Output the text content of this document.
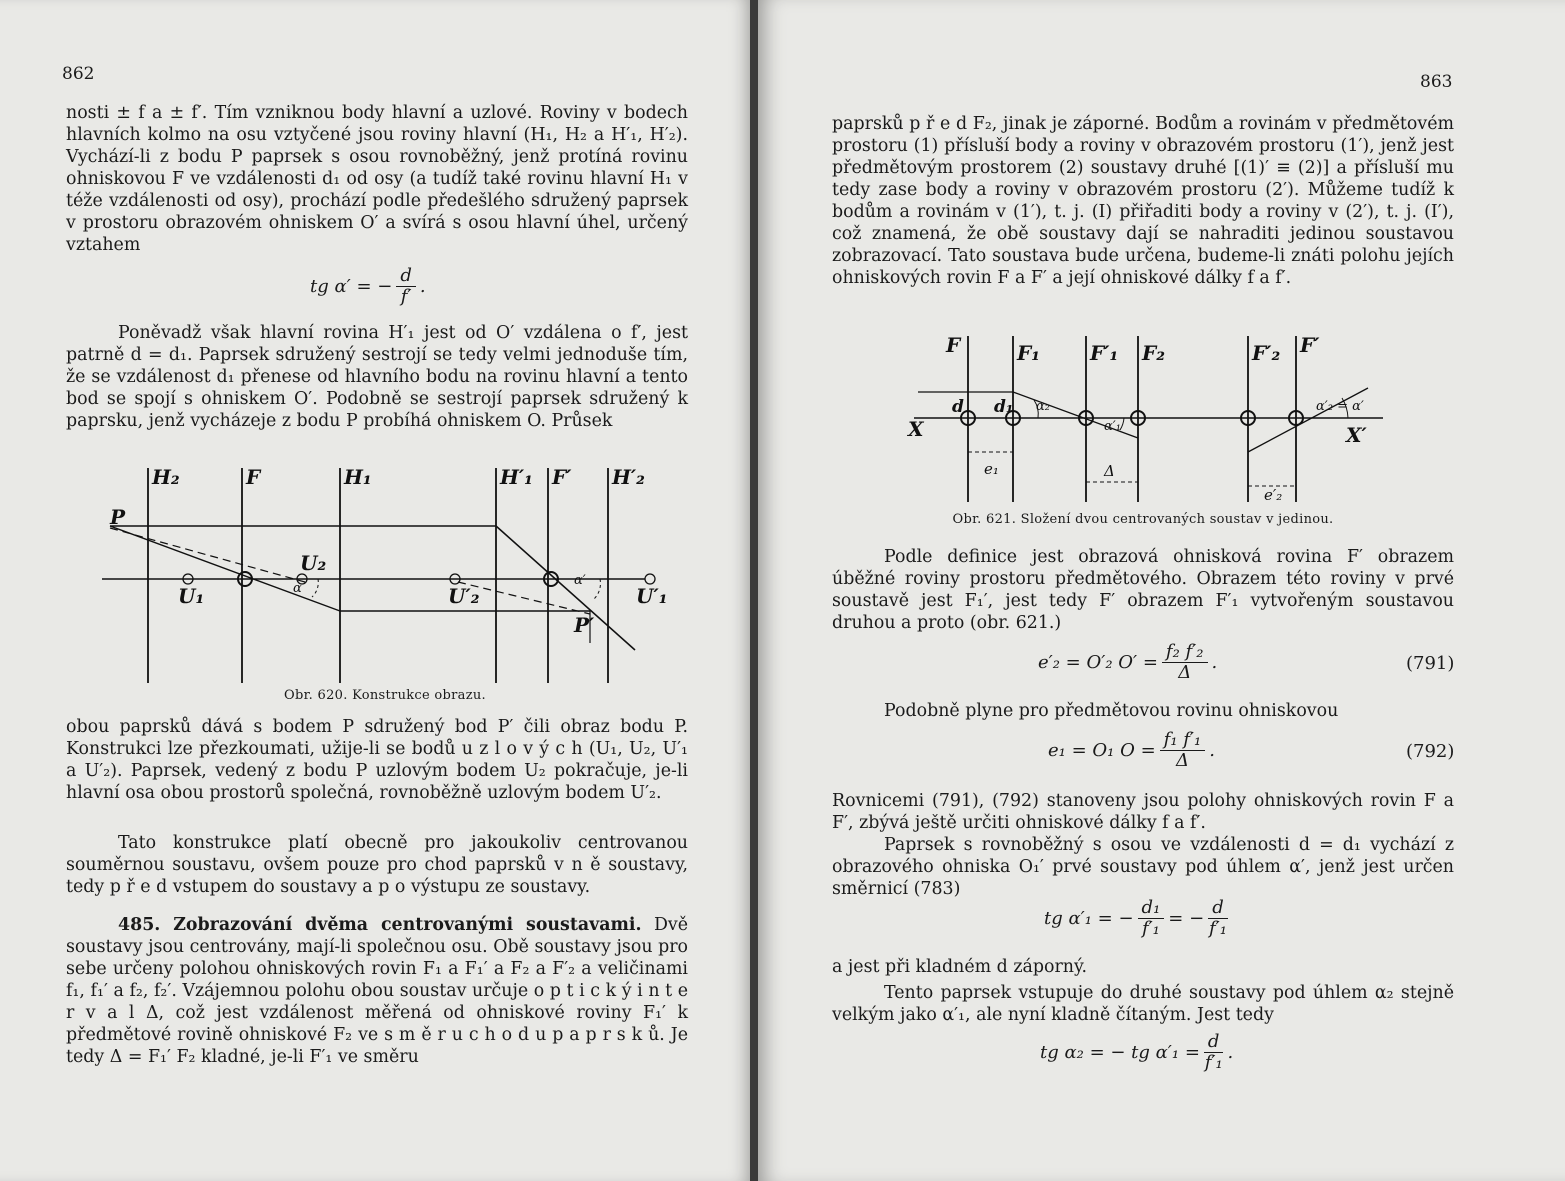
862

nosti ± f a ± f′. Tím vzniknou body hlavní a uzlové. Roviny v bodech hlavních kolmo na osu vztyčené jsou roviny hlavní (H₁, H₂ a H′₁, H′₂). Vychází-li z bodu P paprsek s osou rovnoběžný, jenž protíná rovinu ohniskovou F ve vzdálenosti d₁ od osy (a tudíž také rovinu hlavní H₁ v téže vzdálenosti od osy), prochází podle předešlého sdružený paprsek v prostoru obrazovém ohniskem O′ a svírá s osou hlavní úhel, určený vztahem

tg α′ = − $\frac{d}{f'}$ .

Poněvadž však hlavní rovina H′₁ jest od O′ vzdálena o f′, jest patrně d = d₁. Paprsek sdružený sestrojí se tedy velmi jednoduše tím, že se vzdálenost d₁ přenese od hlavního bodu na rovinu hlavní a tento bod se spojí s ohniskem O′. Podobně se sestrojí paprsek sdružený k paprsku, jenž vycházeje z bodu P probíhá ohniskem O. Průsek

H₂	F	H₁	H′₁ F′ H′₂
P
P′
U₁
U₂
U′₂	U′₁
α
α′
Obr. 620. Konstrukce obrazu.

obou paprsků dává s bodem P sdružený bod P′ čili obraz bodu P. Konstrukci lze přezkoumati, užije-li se bodů u z l o v ý c h (U₁, U₂, U′₁ a U′₂). Paprsek, vedený z bodu P uzlovým bodem U₂ pokračuje, je-li hlavní osa obou prostorů společná, rovnoběžně uzlovým bodem U′₂.

Tato konstrukce platí obecně pro jakoukoliv centrovanou souměrnou soustavu, ovšem pouze pro chod paprsků v n ě soustavy, tedy p ř e d vstupem do soustavy a p o výstupu ze soustavy.

485. Zobrazování dvěma centrovanými soustavami. Dvě soustavy jsou centrovány, mají-li společnou osu. Obě soustavy jsou pro sebe určeny polohou ohniskových rovin F₁ a F₁′ a F₂ a F′₂ a veličinami f₁, f₁′ a f₂, f₂′. Vzájemnou polohu obou soustav určuje o p t i c k ý i n t e r v a l Δ, což jest vzdálenost měřená od ohniskové roviny F₁′ k předmětové rovině ohniskové F₂ ve s m ě r u c h o d u p a p r s k ů. Je tedy Δ = F₁′ F₂ kladné, je-li F′₁ ve směru

863

paprsků p ř e d F₂, jinak je záporné. Bodům a rovinám v předmětovém prostoru (1) přísluší body a roviny v obrazovém prostoru (1′), jenž jest předmětovým prostorem (2) soustavy druhé [(1)′ ≡ (2)] a přísluší mu tedy zase body a roviny v obrazovém prostoru (2′). Můžeme tudíž k bodům a rovinám v (1′), t. j. (I) přiřaditi body a roviny v (2′), t. j. (I′), což znamená, že obě soustavy dají se nahraditi jedinou soustavou zobrazovací. Tato soustava bude určena, budeme-li znáti polohu jejích ohniskových rovin F a F′ a její ohniskové dálky f a f′.

F	F₁	F′₁ F₂	F′₂ F′
X	X′
d d₁ α₂
α′₁
α′₂ = α′
e₁	Δ
e′₂
Obr. 621. Složení dvou centrovaných soustav v jedinou.

Podle definice jest obrazová ohnisková rovina F′ obrazem úběžné roviny prostoru předmětového. Obrazem této roviny v prvé soustavě jest F₁′, jest tedy F′ obrazem F′₁ vytvořeným soustavou druhou a proto (obr. 621.)

e′₂ = O′₂ $O' = \frac{\text{f₂ f′₂}}{\Delta}$ .	(791)

Podobně plyne pro předmětovou rovinu ohniskovou

e₁ = O₁ $O = \frac{\text{f₁ f′₁}}{\Delta}$ .	(792)

Rovnicemi (791), (792) stanoveny jsou polohy ohniskových rovin F a F′, zbývá ještě určiti ohniskové dálky f a f′.

Paprsek s rovnoběžný s osou ve vzdálenosti d = d₁ vychází z obrazového ohniska O₁′ prvé soustavy pod úhlem α′, jenž jest určen směrnicí (783)

tg α′₁ = − $\frac{\text{d₁}}{\text{f′₁}}$ = − $\frac{d}{\text{f′₁}}$

a jest při kladném d záporný.

Tento paprsek vstupuje do druhé soustavy pod úhlem α₂ stejně velkým jako α′₁, ale nyní kladně čítaným. Jest tedy

tg α₂ = − tg $\alpha'_1 = \frac{d}{\text{f′₁}}$ .
